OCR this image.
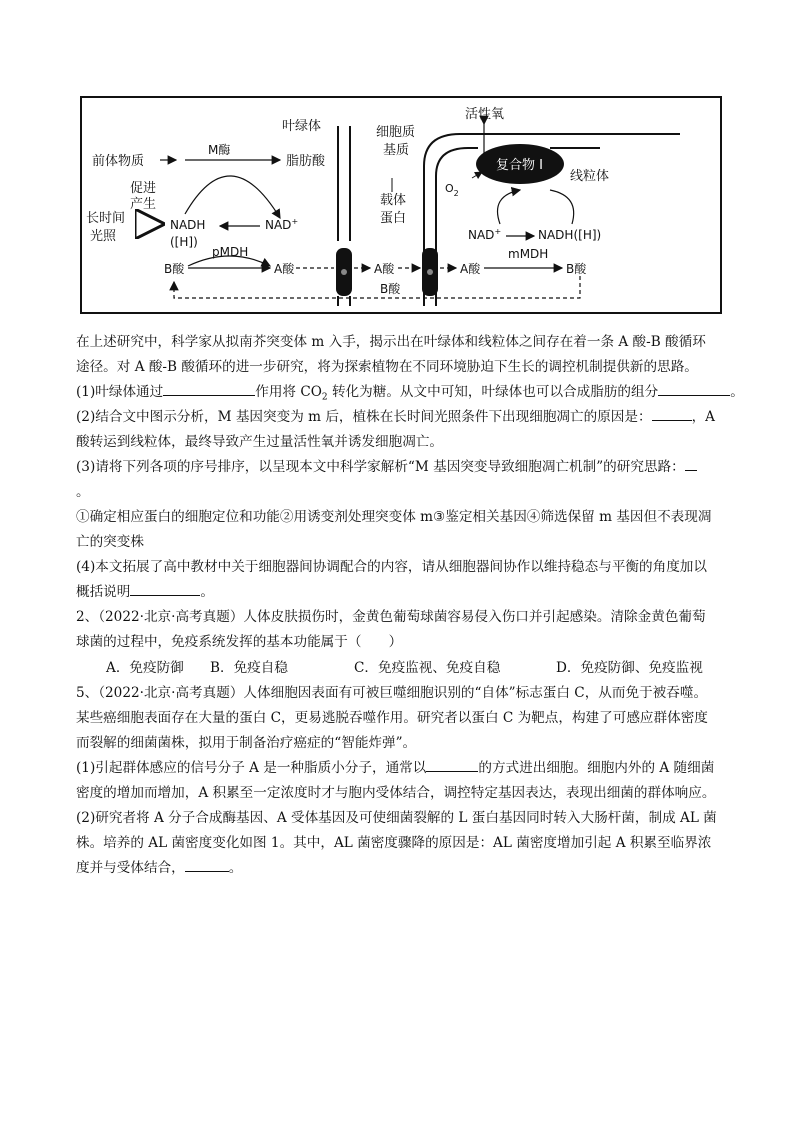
叶绿体	细胞质
基质
活性氧
复合物 I
线粒体
$O_2$
前体物质
M酶
脂肪酸
促进
产生
长时间
光照
NADH
([H])
NAD+
pMDH
B酸	A酸
载体
蛋白
A酸
B酸
A酸	B酸
mMDH
NAD+	NADH([H])
在上述研究中，科学家从拟南芥突变体 m 入手，揭示出在叶绿体和线粒体之间存在着一条 A 酸-B 酸循环
途径。对 A 酸-B 酸循环的进一步研究，将为探索植物在不同环境胁迫下生长的调控机制提供新的思路。
(1)叶绿体通过	作用将 $CO_2$ 转化为糖。从文中可知，叶绿体也可以合成脂肪的组分	。
(2)结合文中图示分析，M 基因突变为 m 后，植株在长时间光照条件下出现细胞凋亡的原因是：	，A
酸转运到线粒体，最终导致产生过量活性氧并诱发细胞凋亡。
(3)请将下列各项的序号排序，以呈现本文中科学家解析“M 基因突变导致细胞凋亡机制”的研究思路：
。
①确定相应蛋白的细胞定位和功能②用诱变剂处理突变体 m③鉴定相关基因④筛选保留 m 基因但不表现凋
亡的突变株
(4)本文拓展了高中教材中关于细胞器间协调配合的内容，请从细胞器间协作以维持稳态与平衡的角度加以
概括说明	。
2、（2022·北京·高考真题）人体皮肤损伤时，金黄色葡萄球菌容易侵入伤口并引起感染。清除金黄色葡萄
球菌的过程中，免疫系统发挥的基本功能属于（　　）
A．免疫防御 B．免疫自稳	C．免疫监视、免疫自稳	D．免疫防御、免疫监视
5、（2022·北京·高考真题）人体细胞因表面有可被巨噬细胞识别的“自体”标志蛋白 C，从而免于被吞噬。
某些癌细胞表面存在大量的蛋白 C，更易逃脱吞噬作用。研究者以蛋白 C 为靶点，构建了可感应群体密度
而裂解的细菌菌株，拟用于制备治疗癌症的“智能炸弹”。
(1)引起群体感应的信号分子 A 是一种脂质小分子，通常以	的方式进出细胞。细胞内外的 A 随细菌
密度的增加而增加，A 积累至一定浓度时才与胞内受体结合，调控特定基因表达，表现出细菌的群体响应。
(2)研究者将 A 分子合成酶基因、A 受体基因及可使细菌裂解的 L 蛋白基因同时转入大肠杆菌，制成 AL 菌
株。培养的 AL 菌密度变化如图 1。其中，AL 菌密度骤降的原因是：AL 菌密度增加引起 A 积累至临界浓
度并与受体结合，	。
